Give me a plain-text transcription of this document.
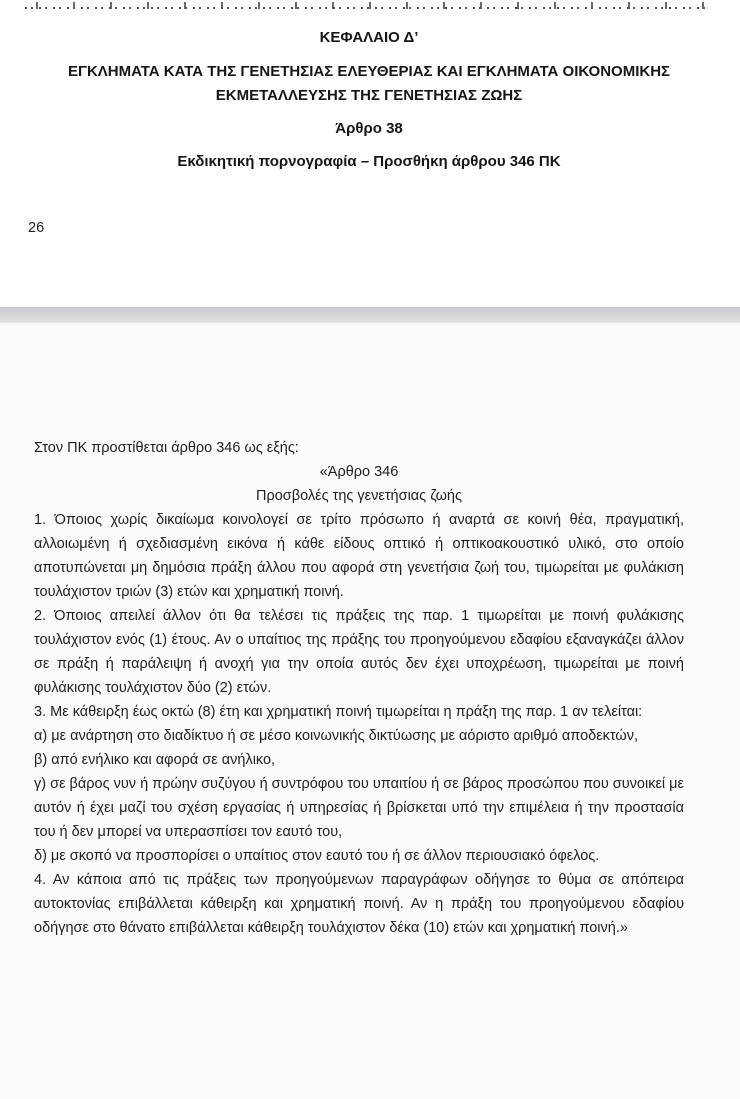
ΚΕΦΑΛΑΙΟ Δ’
ΕΓΚΛΗΜΑΤΑ ΚΑΤΑ ΤΗΣ ΓΕΝΕΤΗΣΙΑΣ ΕΛΕΥΘΕΡΙΑΣ ΚΑΙ ΕΓΚΛΗΜΑΤΑ ΟΙΚΟΝΟΜΙΚΗΣ ΕΚΜΕΤΑΛΛΕΥΣΗΣ ΤΗΣ ΓΕΝΕΤΗΣΙΑΣ ΖΩΗΣ
Άρθρο 38
Εκδικητική πορνογραφία – Προσθήκη άρθρου 346 ΠΚ
26

Στον ΠΚ προστίθεται άρθρο 346 ως εξής:

«Άρθρο 346

Προσβολές της γενετήσιας ζωής

1. Όποιος χωρίς δικαίωμα κοινολογεί σε τρίτο πρόσωπο ή αναρτά σε κοινή θέα, πραγματική, αλλοιωμένη ή σχεδιασμένη εικόνα ή κάθε είδους οπτικό ή οπτικοακουστικό υλικό, στο οποίο αποτυπώνεται μη δημόσια πράξη άλλου που αφορά στη γενετήσια ζωή του, τιμωρείται με φυλάκιση τουλάχιστον τριών (3) ετών και χρηματική ποινή.

2. Όποιος απειλεί άλλον ότι θα τελέσει τις πράξεις της παρ. 1 τιμωρείται με ποινή φυλάκισης τουλάχιστον ενός (1) έτους. Αν ο υπαίτιος της πράξης του προηγούμενου εδαφίου εξαναγκάζει άλλον σε πράξη ή παράλειψη ή ανοχή για την οποία αυτός δεν έχει υποχρέωση, τιμωρείται με ποινή φυλάκισης τουλάχιστον δύο (2) ετών.

3. Με κάθειρξη έως οκτώ (8) έτη και χρηματική ποινή τιμωρείται η πράξη της παρ. 1 αν τελείται:

α) με ανάρτηση στο διαδίκτυο ή σε μέσο κοινωνικής δικτύωσης με αόριστο αριθμό αποδεκτών,

β) από ενήλικο και αφορά σε ανήλικο,

γ) σε βάρος νυν ή πρώην συζύγου ή συντρόφου του υπαιτίου ή σε βάρος προσώπου που συνοικεί με αυτόν ή έχει μαζί του σχέση εργασίας ή υπηρεσίας ή βρίσκεται υπό την επιμέλεια ή την προστασία του ή δεν μπορεί να υπερασπίσει τον εαυτό του,

δ) με σκοπό να προσπορίσει ο υπαίτιος στον εαυτό του ή σε άλλον περιουσιακό όφελος.

4. Αν κάποια από τις πράξεις των προηγούμενων παραγράφων οδήγησε το θύμα σε απόπειρα αυτοκτονίας επιβάλλεται κάθειρξη και χρηματική ποινή. Αν η πράξη του προηγούμενου εδαφίου οδήγησε στο θάνατο επιβάλλεται κάθειρξη τουλάχιστον δέκα (10) ετών και χρηματική ποινή.»
